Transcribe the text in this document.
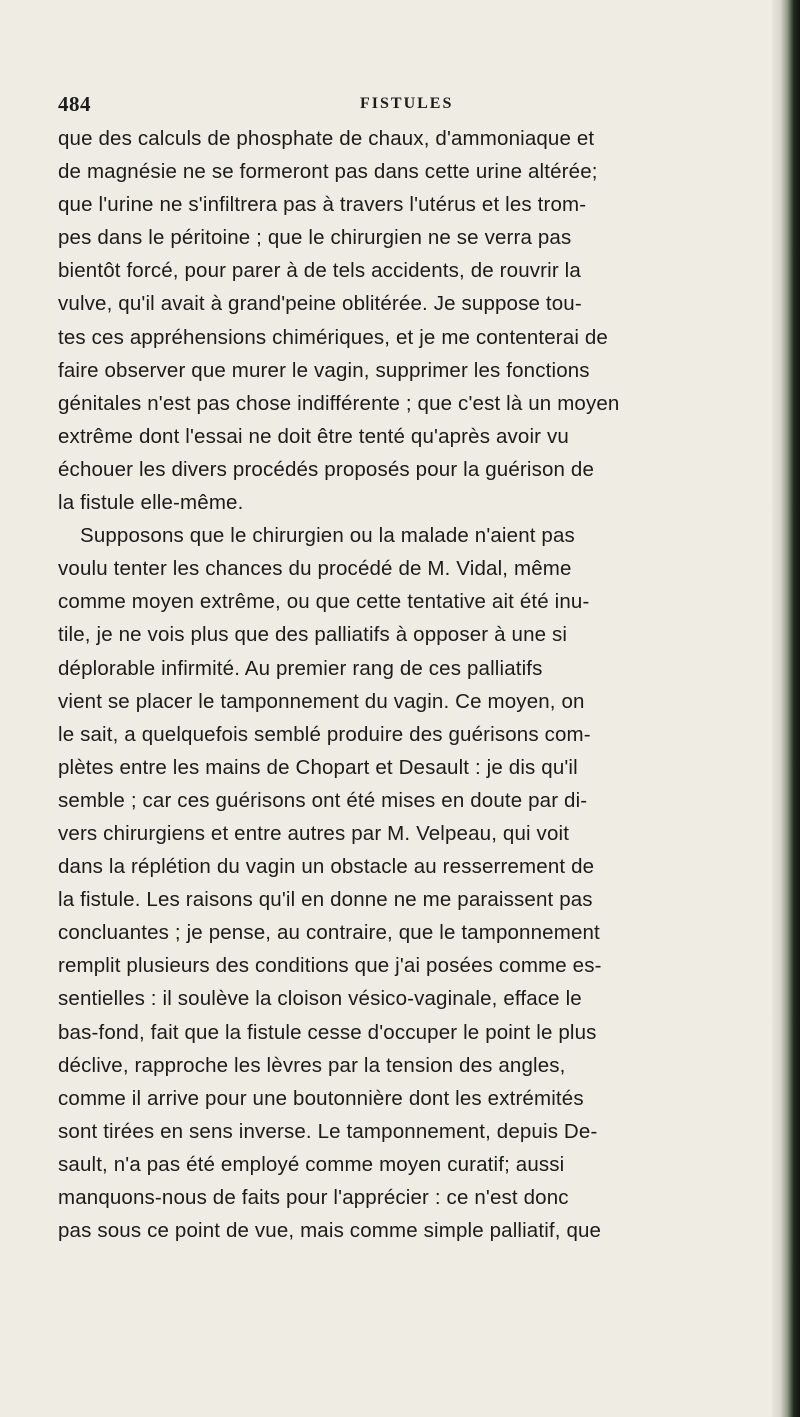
484	FISTULES
que des calculs de phosphate de chaux, d'ammoniaque et
de magnésie ne se formeront pas dans cette urine altérée;
que l'urine ne s'infiltrera pas à travers l'utérus et les trom-
pes dans le péritoine ; que le chirurgien ne se verra pas
bientôt forcé, pour parer à de tels accidents, de rouvrir la
vulve, qu'il avait à grand'peine oblitérée. Je suppose tou-
tes ces appréhensions chimériques, et je me contenterai de
faire observer que murer le vagin, supprimer les fonctions
génitales n'est pas chose indifférente ; que c'est là un moyen
extrême dont l'essai ne doit être tenté qu'après avoir vu
échouer les divers procédés proposés pour la guérison de
la fistule elle-même.
Supposons que le chirurgien ou la malade n'aient pas
voulu tenter les chances du procédé de M. Vidal, même
comme moyen extrême, ou que cette tentative ait été inu-
tile, je ne vois plus que des palliatifs à opposer à une si
déplorable infirmité. Au premier rang de ces palliatifs
vient se placer le tamponnement du vagin. Ce moyen, on
le sait, a quelquefois semblé produire des guérisons com-
plètes entre les mains de Chopart et Desault : je dis qu'il
semble ; car ces guérisons ont été mises en doute par di-
vers chirurgiens et entre autres par M. Velpeau, qui voit
dans la réplétion du vagin un obstacle au resserrement de
la fistule. Les raisons qu'il en donne ne me paraissent pas
concluantes ; je pense, au contraire, que le tamponnement
remplit plusieurs des conditions que j'ai posées comme es-
sentielles : il soulève la cloison vésico-vaginale, efface le
bas-fond, fait que la fistule cesse d'occuper le point le plus
déclive, rapproche les lèvres par la tension des angles,
comme il arrive pour une boutonnière dont les extrémités
sont tirées en sens inverse. Le tamponnement, depuis De-
sault, n'a pas été employé comme moyen curatif; aussi
manquons-nous de faits pour l'apprécier : ce n'est donc
pas sous ce point de vue, mais comme simple palliatif, que
